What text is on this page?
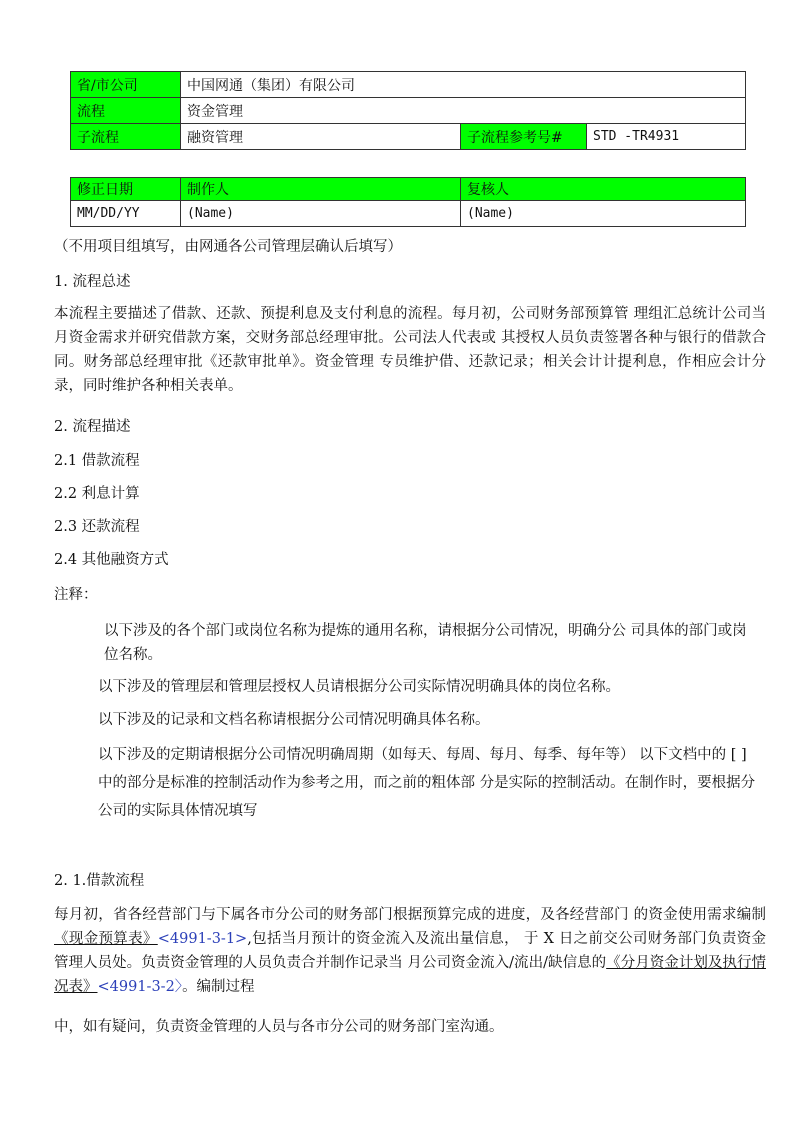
省/市公司	中国网通（集团）有限公司		
流程	资金管理		
子流程	融资管理	子流程参考号#	STD -TR4931
修正日期	制作人	复核人
MM/DD/YY	(Name)	(Name)
（不用项目组填写，由网通各公司管理层确认后填写）
1. 流程总述
本流程主要描述了借款、还款、预提利息及支付利息的流程。每月初，公司财务部预算管 理组汇总统计公司当月资金需求并研究借款方案，交财务部总经理审批。公司法人代表或 其授权人员负责签署各种与银行的借款合同。财务部总经理审批《还款审批单》。资金管理 专员维护借、还款记录；相关会计计提利息，作相应会计分录，同时维护各种相关表单。
2. 流程描述
2.1 借款流程
2.2 利息计算
2.3 还款流程
2.4 其他融资方式
注释：
以下涉及的各个部门或岗位名称为提炼的通用名称，请根据分公司情况，明确分公 司具体的部门或岗位名称。
以下涉及的管理层和管理层授权人员请根据分公司实际情况明确具体的岗位名称。
以下涉及的记录和文档名称请根据分公司情况明确具体名称。
以下涉及的定期请根据分公司情况明确周期（如每天、每周、每月、每季、每年等） 以下文档中的 [ ] 中的部分是标准的控制活动作为参考之用，而之前的粗体部 分是实际的控制活动。在制作时，要根据分公司的实际具体情况填写
2. 1.借款流程
每月初，省各经营部门与下属各市分公司的财务部门根据预算完成的进度，及各经营部门 的资金使用需求编制《现金预算表》<4991-3-1>,包括当月预计的资金流入及流出量信息， 于 X 日之前交公司财务部门负责资金管理人员处。负责资金管理的人员负责合并制作记录当 月公司资金流入/流出/缺信息的《分月资金计划及执行情况表》<4991-3-2〉。编制过程
中，如有疑问，负责资金管理的人员与各市分公司的财务部门室沟通。
